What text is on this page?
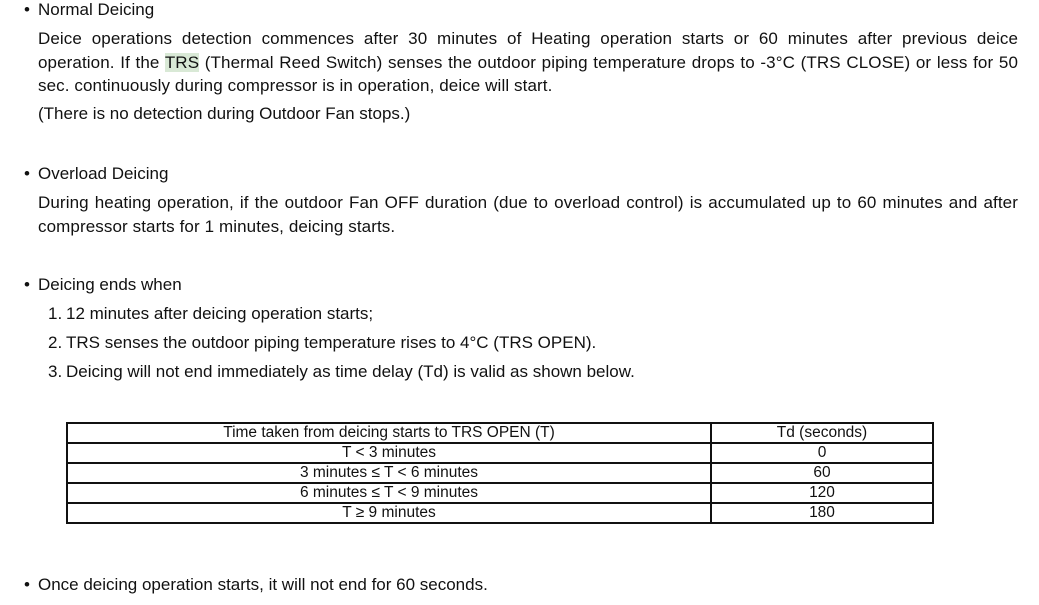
• Normal Deicing
Deice operations detection commences after 30 minutes of Heating operation starts or 60 minutes after previous deice operation. If the TRS (Thermal Reed Switch) senses the outdoor piping temperature drops to -3°C (TRS CLOSE) or less for 50 sec. continuously during compressor is in operation, deice will start.
(There is no detection during Outdoor Fan stops.)
• Overload Deicing
During heating operation, if the outdoor Fan OFF duration (due to overload control) is accumulated up to 60 minutes and after compressor starts for 1 minutes, deicing starts.
• Deicing ends when
1. 12 minutes after deicing operation starts;
2. TRS senses the outdoor piping temperature rises to 4°C (TRS OPEN).
3. Deicing will not end immediately as time delay (Td) is valid as shown below.
Time taken from deicing starts to TRS OPEN (T)	Td (seconds)
T < 3 minutes	0
3 minutes ≤ T < 6 minutes	60
6 minutes ≤ T < 9 minutes	120
T ≥ 9 minutes	180
• Once deicing operation starts, it will not end for 60 seconds.
